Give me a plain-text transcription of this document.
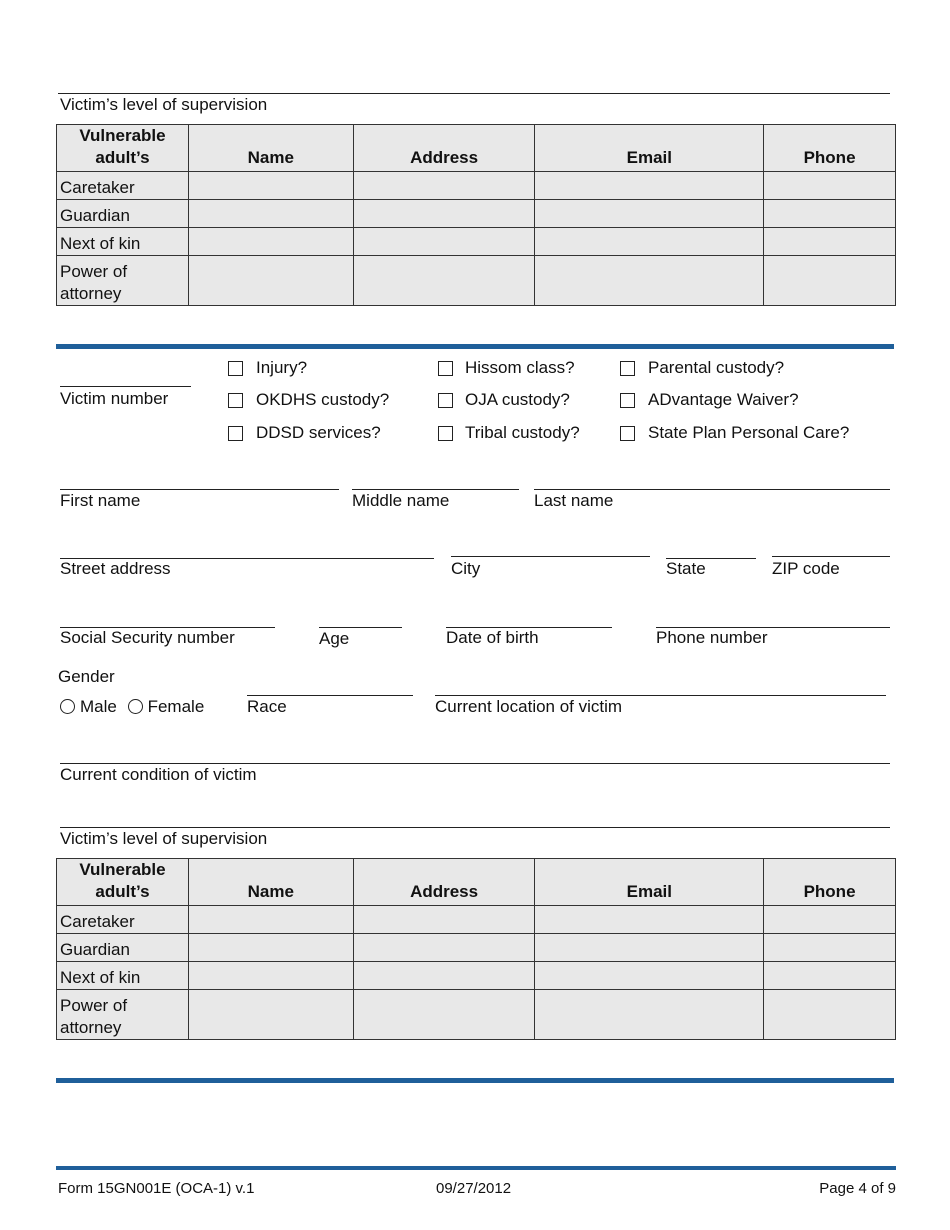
Victim’s level of supervision
Vulnerable adult’s	Name	Address	Email	Phone
Caretaker				
Guardian				
Next of kin				
Power of attorney				
Victim number
Injury?
OKDHS custody?
DDSD services?
Hissom class?
OJA custody?
Tribal custody?
Parental custody?
ADvantage Waiver?
State Plan Personal Care?
First name	Middle name	Last name
Street address	City	State	ZIP code
Social Security number	Age	Date of birth	Phone number
Gender
Male Female	Race	Current location of victim
Current condition of victim
Victim’s level of supervision
Vulnerable adult’s	Name	Address	Email	Phone
Caretaker				
Guardian				
Next of kin				
Power of attorney				
Form 15GN001E (OCA-1) v.1	09/27/2012	Page 4 of 9
